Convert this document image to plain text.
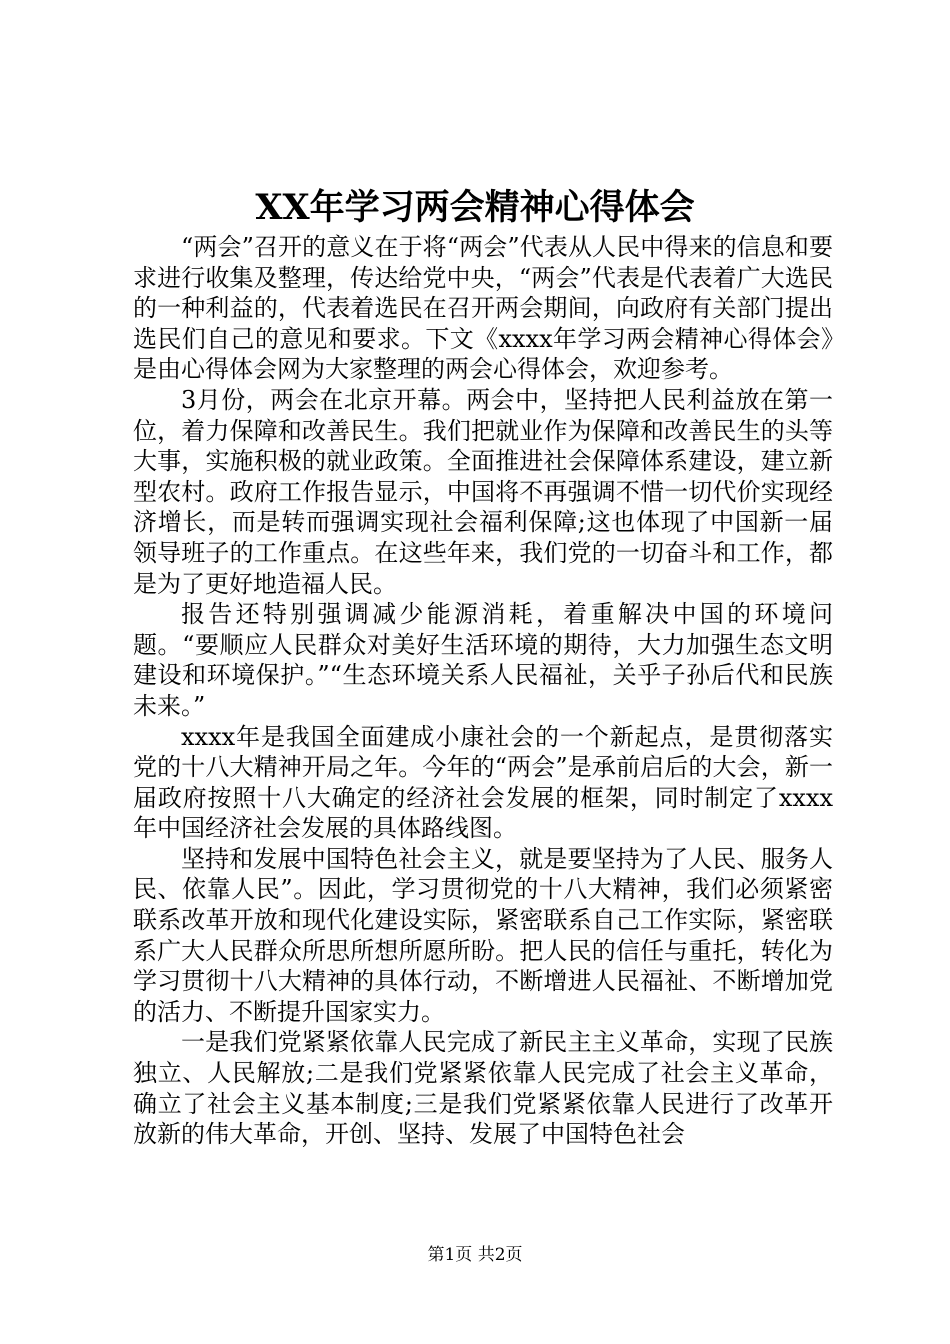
XX年学习两会精神心得体会

“两会”召开的意义在于将“两会”代表从人民中得来的信息和要求进行收集及整理，传达给党中央，“两会”代表是代表着广大选民的一种利益的，代表着选民在召开两会期间，向政府有关部门提出选民们自己的意见和要求。下文《xxxx年学习两会精神心得体会》是由心得体会网为大家整理的两会心得体会，欢迎参考。

3月份，两会在北京开幕。两会中，坚持把人民利益放在第一位，着力保障和改善民生。我们把就业作为保障和改善民生的头等大事，实施积极的就业政策。全面推进社会保障体系建设，建立新型农村。政府工作报告显示，中国将不再强调不惜一切代价实现经济增长，而是转而强调实现社会福利保障;这也体现了中国新一届领导班子的工作重点。在这些年来，我们党的一切奋斗和工作，都是为了更好地造福人民。

报告还特别强调减少能源消耗，着重解决中国的环境问题。“要顺应人民群众对美好生活环境的期待，大力加强生态文明建设和环境保护。”“生态环境关系人民福祉，关乎子孙后代和民族未来。”

xxxx年是我国全面建成小康社会的一个新起点，是贯彻落实党的十八大精神开局之年。今年的“两会”是承前启后的大会，新一届政府按照十八大确定的经济社会发展的框架，同时制定了xxxx年中国经济社会发展的具体路线图。

坚持和发展中国特色社会主义，就是要坚持为了人民、服务人民、依靠人民”。因此，学习贯彻党的十八大精神，我们必须紧密联系改革开放和现代化建设实际，紧密联系自己工作实际，紧密联系广大人民群众所思所想所愿所盼。把人民的信任与重托，转化为学习贯彻十八大精神的具体行动，不断增进人民福祉、不断增加党的活力、不断提升国家实力。

一是我们党紧紧依靠人民完成了新民主主义革命，实现了民族独立、人民解放;二是我们党紧紧依靠人民完成了社会主义革命，确立了社会主义基本制度;三是我们党紧紧依靠人民进行了改革开放新的伟大革命，开创、坚持、发展了中国特色社会

第1页 共2页
